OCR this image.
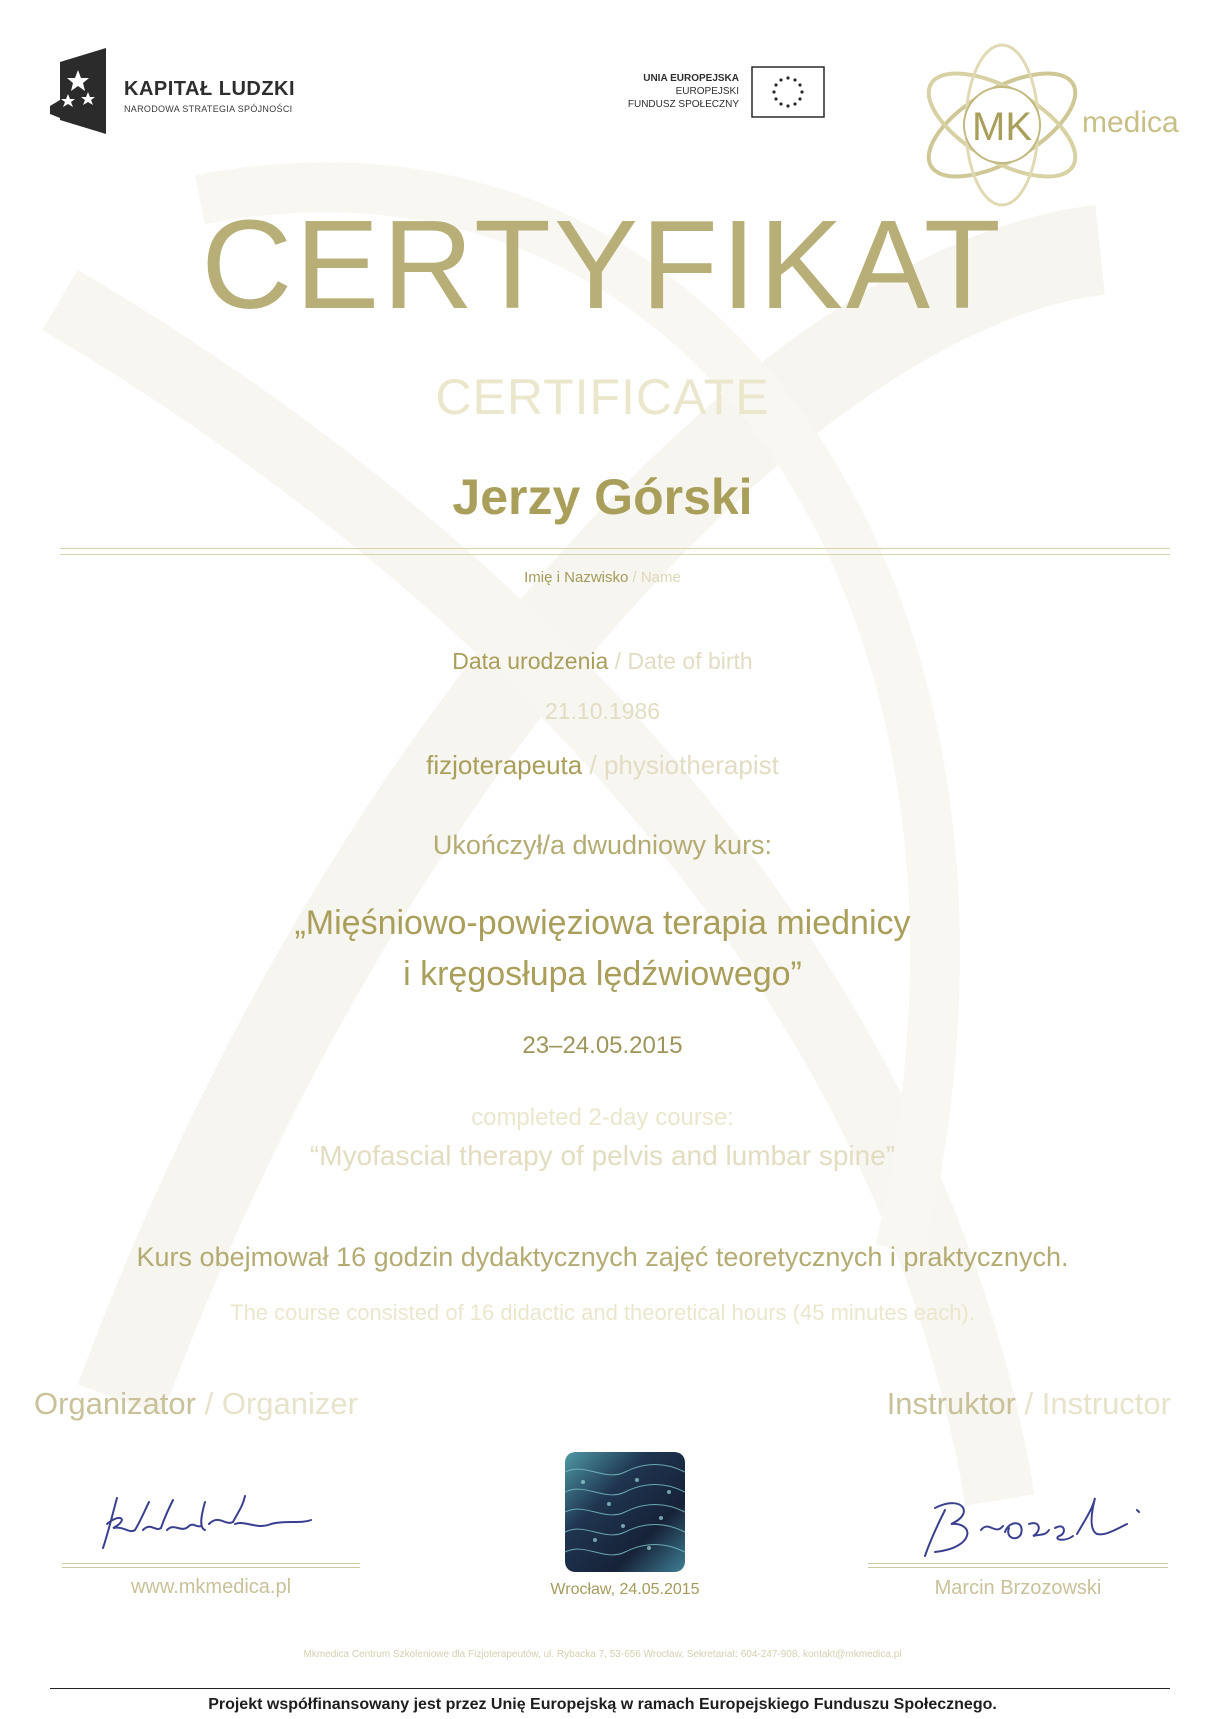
KAPITAŁ LUDZKI
NARODOWA STRATEGIA SPÓJNOŚCI
UNIA EUROPEJSKA
EUROPEJSKI
FUNDUSZ SPOŁECZNY
MK medica
CERTYFIKAT
CERTIFICATE
Jerzy Górski
Imię i Nazwisko / Name
Data urodzenia / Date of birth
21.10.1986
fizjoterapeuta / physiotherapist
Ukończył/a dwudniowy kurs:
„Mięśniowo-powięziowa terapia miednicy
i kręgosłupa lędźwiowego”
23–24.05.2015
completed 2-day course:
“Myofascial therapy of pelvis and lumbar spine”
Kurs obejmował 16 godzin dydaktycznych zajęć teoretycznych i praktycznych.
The course consisted of 16 didactic and theoretical hours (45 minutes each).
Organizator / Organizer	Instruktor / Instructor
www.mkmedica.pl	Marcin Brzozowski
Wrocław, 24.05.2015
Mkmedica Centrum Szkoleniowe dla Fizjoterapeutów, ul. Rybacka 7, 53-656 Wrocław. Sekretariat: 604-247-908, kontakt@mkmedica.pl
Projekt współfinansowany jest przez Unię Europejską w ramach Europejskiego Funduszu Społecznego.
